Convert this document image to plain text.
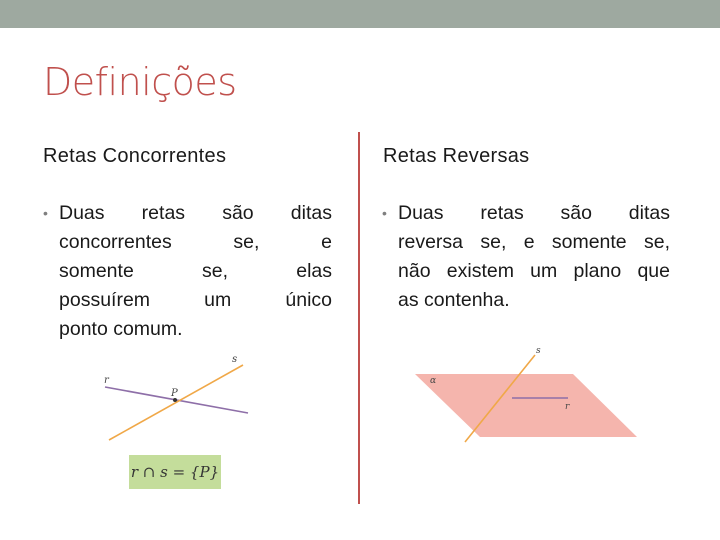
Definições
Retas Concorrentes
• Duas retas são ditas
concorrentes se, e
somente se, elas
possuírem um único
ponto comum.
r
s
P
r ∩ s = {P}
Retas Reversas
• Duas retas são ditas
reversa se, e somente se,
não existem um plano que
as contenha.
s
α
r
